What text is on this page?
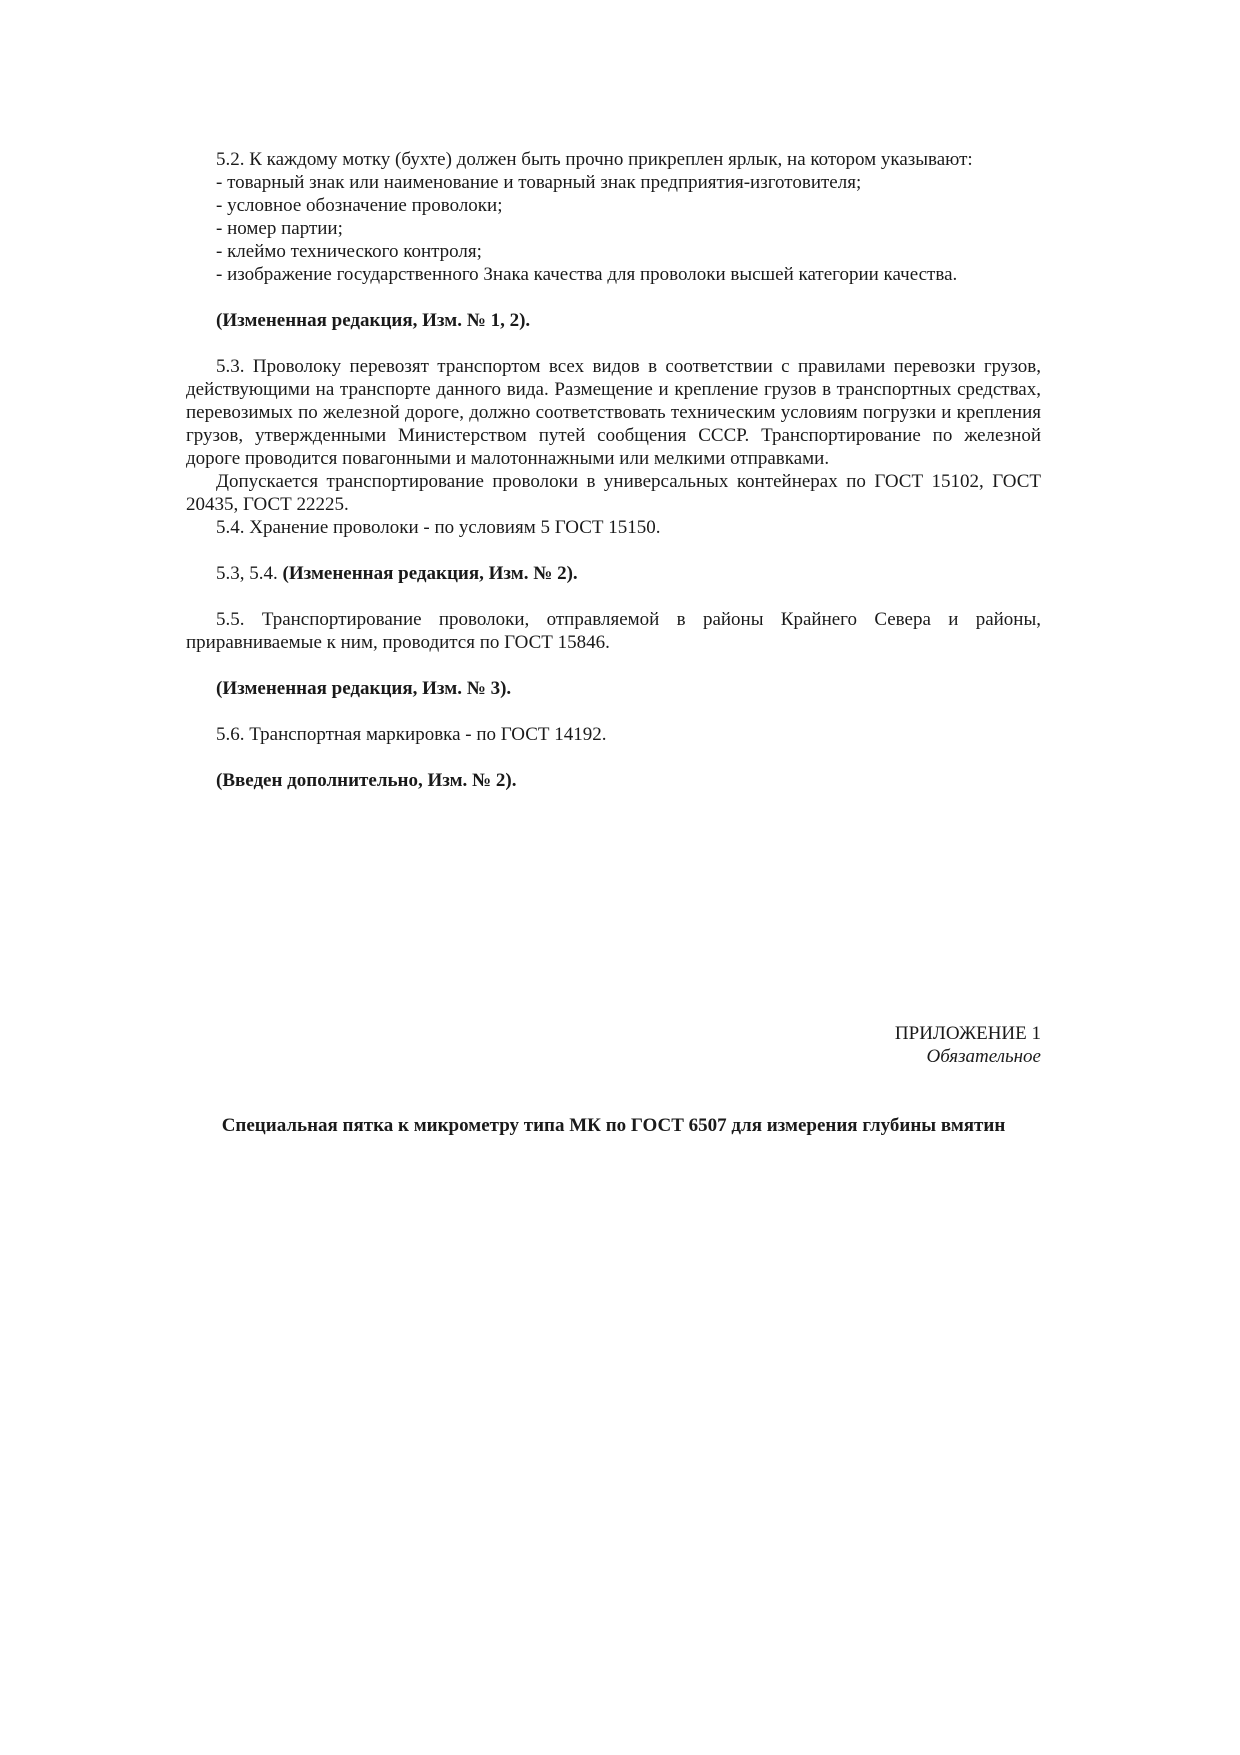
5.2. К каждому мотку (бухте) должен быть прочно прикреплен ярлык, на котором указывают:

- товарный знак или наименование и товарный знак предприятия-изготовителя;

- условное обозначение проволоки;

- номер партии;

- клеймо технического контроля;

- изображение государственного Знака качества для проволоки высшей категории качества.

(Измененная редакция, Изм. № 1, 2).

5.3. Проволоку перевозят транспортом всех видов в соответствии с правилами перевозки грузов, действующими на транспорте данного вида. Размещение и крепление грузов в транспортных средствах, перевозимых по железной дороге, должно соответствовать техническим условиям погрузки и крепления грузов, утвержденными Министерством путей сообщения СССР. Транспортирование по железной дороге проводится повагонными и малотоннажными или мелкими отправками.

Допускается транспортирование проволоки в универсальных контейнерах по ГОСТ 15102, ГОСТ 20435, ГОСТ 22225.

5.4. Хранение проволоки - по условиям 5 ГОСТ 15150.

5.3, 5.4. (Измененная редакция, Изм. № 2).

5.5. Транспортирование проволоки, отправляемой в районы Крайнего Севера и районы, приравниваемые к ним, проводится по ГОСТ 15846.

(Измененная редакция, Изм. № 3).

5.6. Транспортная маркировка - по ГОСТ 14192.

(Введен дополнительно, Изм. № 2).

ПРИЛОЖЕНИЕ 1

Обязательное

Специальная пятка к микрометру типа МК по ГОСТ 6507 для измерения глубины вмятин
